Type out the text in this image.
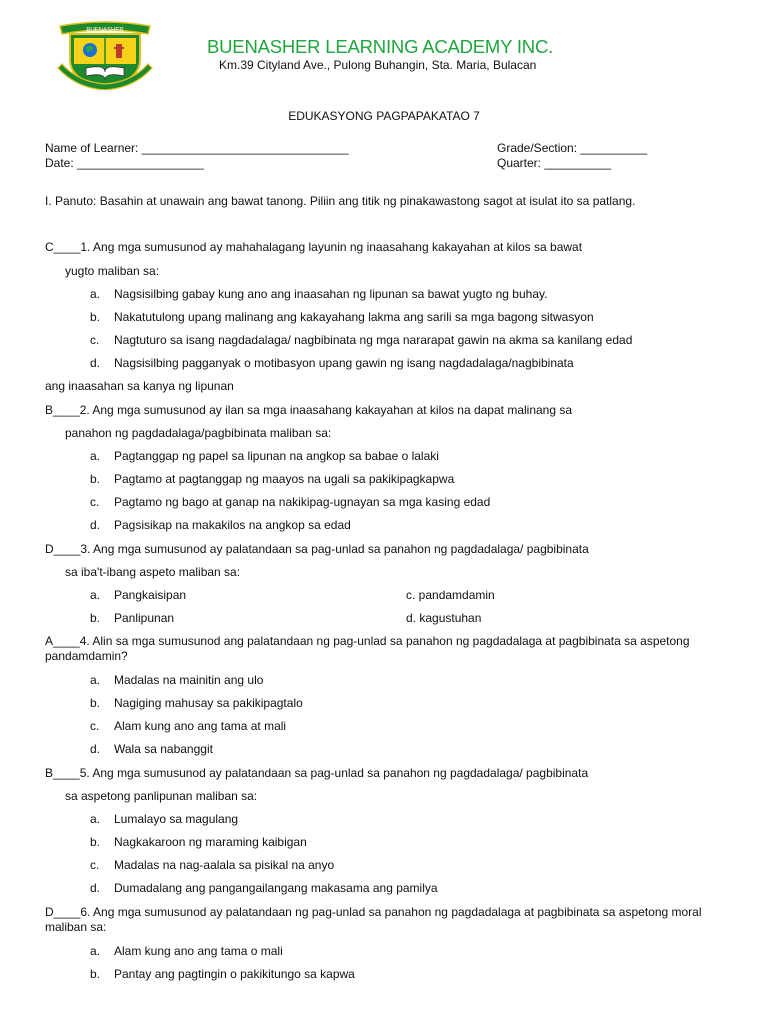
BUENASHER
BUENASHER LEARNING ACADEMY INC.
Km.39 Cityland Ave., Pulong Buhangin, Sta. Maria, Bulacan
EDUKASYONG PAGPAPAKATAO 7
Name of Learner: _______________________________
Date: ___________________
Grade/Section: __________
Quarter: __________
I. Panuto: Basahin at unawain ang bawat tanong. Piliin ang titik ng pinakawastong sagot at isulat ito sa patlang.
C____1. Ang mga sumusunod ay mahahalagang layunin ng inaasahang kakayahan at kilos sa bawat
yugto maliban sa:
a. Nagsisilbing gabay kung ano ang inaasahan ng lipunan sa bawat yugto ng buhay.
b. Nakatutulong upang malinang ang kakayahang lakma ang sarili sa mga bagong sitwasyon
c. Nagtuturo sa isang nagdadalaga/ nagbibinata ng mga nararapat gawin na akma sa kanilang edad
d. Nagsisilbing pagganyak o motibasyon upang gawin ng isang nagdadalaga/nagbibinata
ang inaasahan sa kanya ng lipunan
B____2. Ang mga sumusunod ay ilan sa mga inaasahang kakayahan at kilos na dapat malinang sa
panahon ng pagdadalaga/pagbibinata maliban sa:
a. Pagtanggap ng papel sa lipunan na angkop sa babae o lalaki
b. Pagtamo at pagtanggap ng maayos na ugali sa pakikipagkapwa
c. Pagtamo ng bago at ganap na nakikipag-ugnayan sa mga kasing edad
d. Pagsisikap na makakilos na angkop sa edad
D____3. Ang mga sumusunod ay palatandaan sa pag-unlad sa panahon ng pagdadalaga/ pagbibinata
sa iba't-ibang aspeto maliban sa:
a. Pangkaisipan
b. Panlipunan
c. pandamdamin
d. kagustuhan
A____4. Alin sa mga sumusunod ang palatandaan ng pag-unlad sa panahon ng pagdadalaga at pagbibinata sa aspetong
pandamdamin?
a. Madalas na mainitin ang ulo
b. Nagiging mahusay sa pakikipagtalo
c. Alam kung ano ang tama at mali
d. Wala sa nabanggit
B____5. Ang mga sumusunod ay palatandaan sa pag-unlad sa panahon ng pagdadalaga/ pagbibinata
sa aspetong panlipunan maliban sa:
a. Lumalayo sa magulang
b. Nagkakaroon ng maraming kaibigan
c. Madalas na nag-aalala sa pisikal na anyo
d. Dumadalang ang pangangailangang makasama ang pamilya
D____6. Ang mga sumusunod ay palatandaan ng pag-unlad sa panahon ng pagdadalaga at pagbibinata sa aspetong moral
maliban sa:
a. Alam kung ano ang tama o mali
b. Pantay ang pagtingin o pakikitungo sa kapwa
